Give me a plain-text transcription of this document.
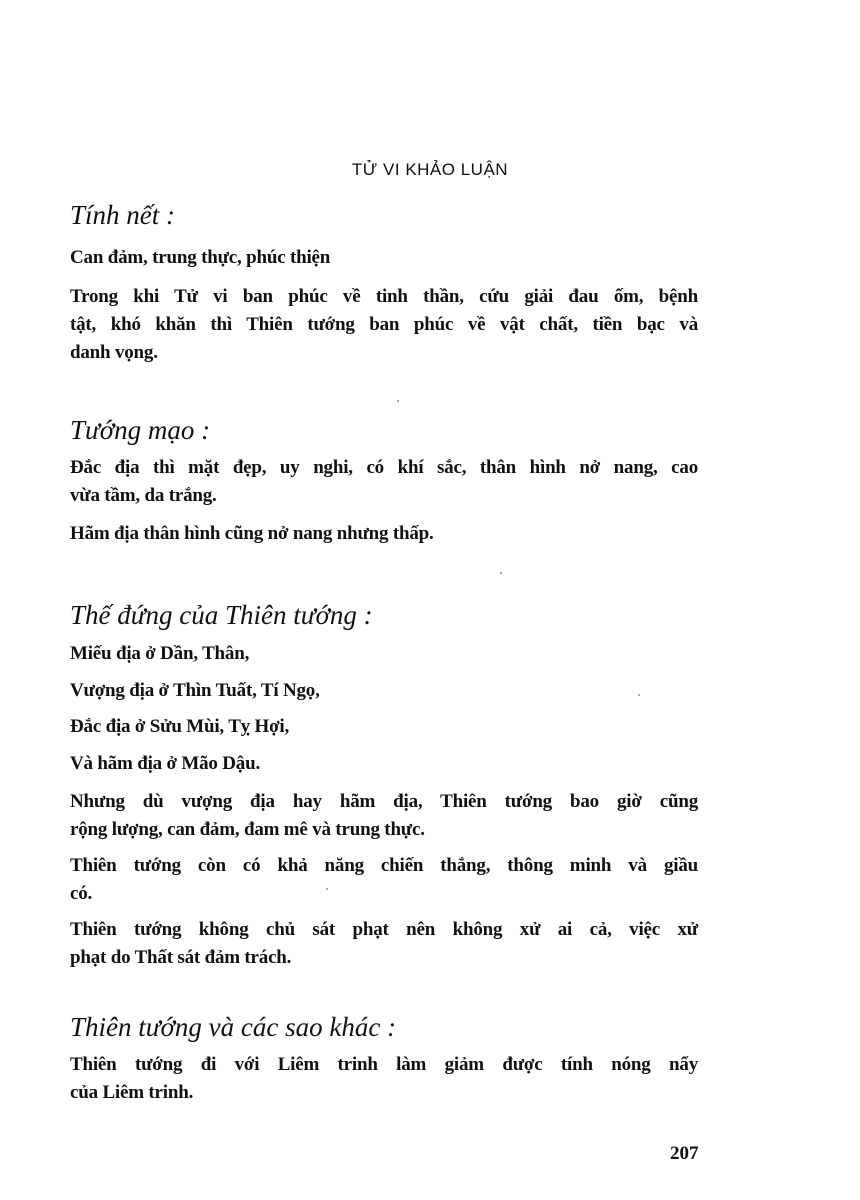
TỬ VI KHẢO LUẬN
Tính nết :
Can đảm, trung thực, phúc thiện
Trong khi Tử vi ban phúc về tinh thần, cứu giải đau ốm, bệnh
tật, khó khăn thì Thiên tướng ban phúc về vật chất, tiền bạc và
danh vọng.
Tướng mạo :
Đắc địa thì mặt đẹp, uy nghi, có khí sắc, thân hình nở nang, cao
vừa tầm, da trắng.
Hãm địa thân hình cũng nở nang nhưng thấp.
Thế đứng của Thiên tướng :
Miếu địa ở Dần, Thân,
Vượng địa ở Thìn Tuất, Tí Ngọ,
Đắc địa ở Sửu Mùi, Tỵ Hợi,
Và hãm địa ở Mão Dậu.
Nhưng dù vượng địa hay hãm địa, Thiên tướng bao giờ cũng
rộng lượng, can đảm, đam mê và trung thực.
Thiên tướng còn có khả năng chiến thắng, thông minh và giầu
có.
Thiên tướng không chủ sát phạt nên không xử ai cả, việc xử
phạt do Thất sát đảm trách.
Thiên tướng và các sao khác :
Thiên tướng đi với Liêm trinh làm giảm được tính nóng nẩy
của Liêm trinh.
207
